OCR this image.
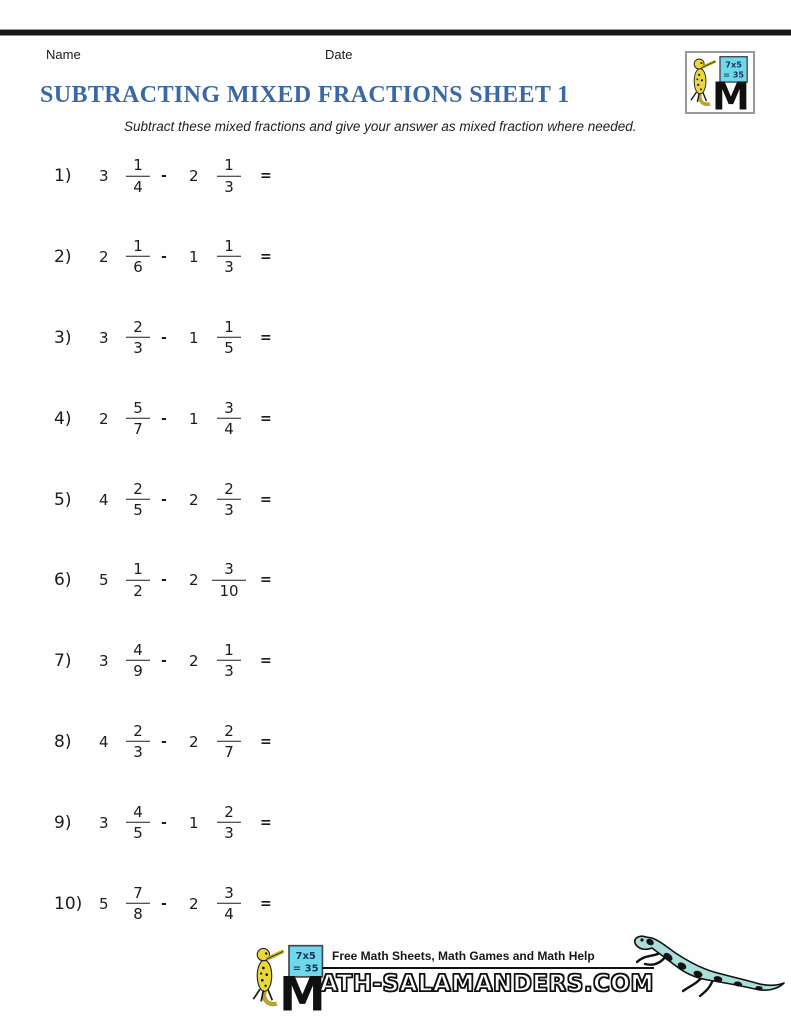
Name	Date
SUBTRACTING MIXED FRACTIONS SHEET 1
Subtract these mixed fractions and give your answer as mixed fraction where needed.
1) 3
1
4
- 2
1
3
=
2) 2
1
6
- 1
1
3
=
3) 3
2
3
- 1
1
5
=
4) 2
5
7
- 1
3
4
=
5) 4
2
5
- 2
2
3
=
6) 5
1
2
- 2
3
10
=
7) 3
4
9
- 2
1
3
=
8) 4
2
3
- 2
2
7
=
9) 3
4
5
- 1
2
3
=
10) 5
7
8
- 2
3
4
=
Free Math Sheets, Math Games and Math Help
ATH-SALAMANDERS.COM
